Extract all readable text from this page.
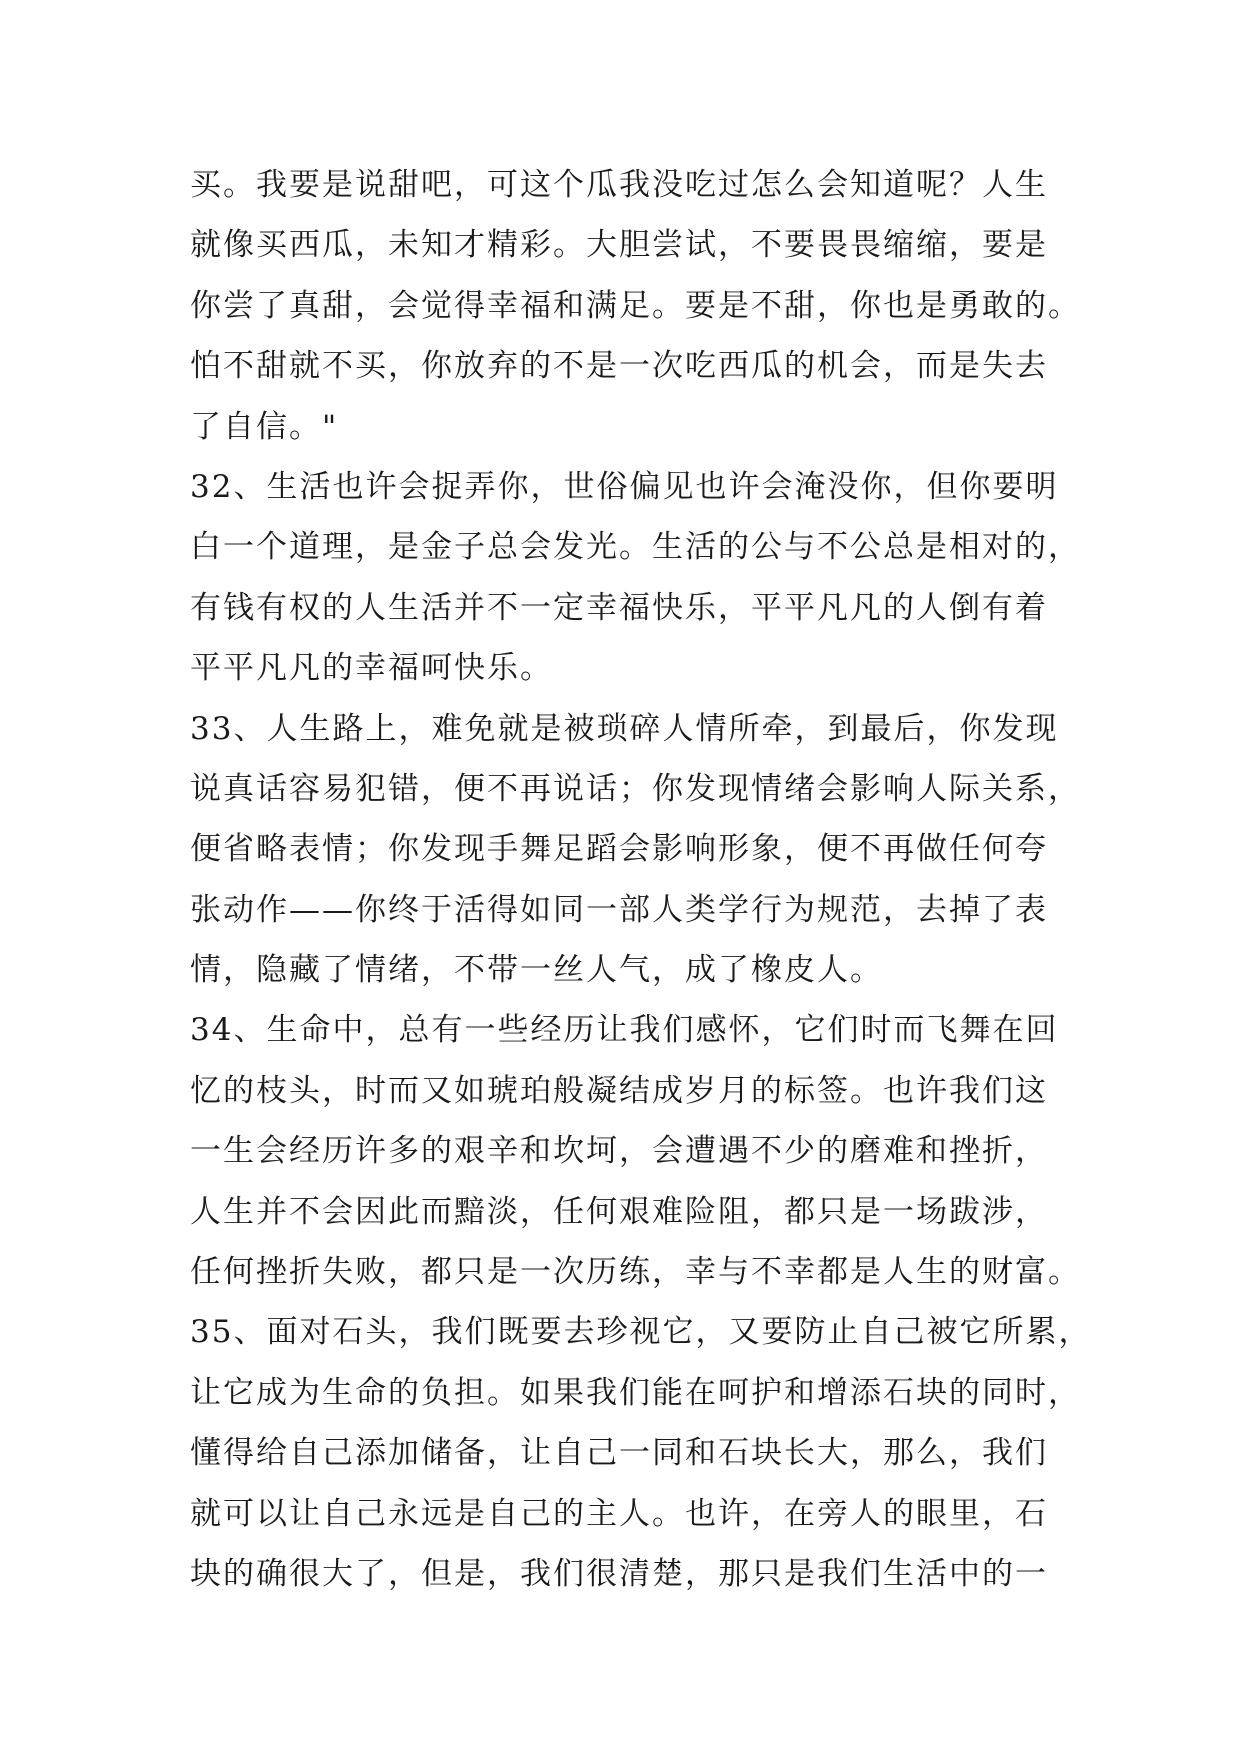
买。我要是说甜吧，可这个瓜我没吃过怎么会知道呢？人生
就像买西瓜，未知才精彩。大胆尝试，不要畏畏缩缩，要是
你尝了真甜，会觉得幸福和满足。要是不甜，你也是勇敢的。
怕不甜就不买，你放弃的不是一次吃西瓜的机会，而是失去
了自信。"
32、生活也许会捉弄你，世俗偏见也许会淹没你，但你要明
白一个道理，是金子总会发光。生活的公与不公总是相对的，
有钱有权的人生活并不一定幸福快乐，平平凡凡的人倒有着
平平凡凡的幸福呵快乐。
33、人生路上，难免就是被琐碎人情所牵，到最后，你发现
说真话容易犯错，便不再说话；你发现情绪会影响人际关系，
便省略表情；你发现手舞足蹈会影响形象，便不再做任何夸
张动作——你终于活得如同一部人类学行为规范，去掉了表
情，隐藏了情绪，不带一丝人气，成了橡皮人。
34、生命中，总有一些经历让我们感怀，它们时而飞舞在回
忆的枝头，时而又如琥珀般凝结成岁月的标签。也许我们这
一生会经历许多的艰辛和坎坷，会遭遇不少的磨难和挫折，
人生并不会因此而黯淡，任何艰难险阻，都只是一场跋涉，
任何挫折失败，都只是一次历练，幸与不幸都是人生的财富。
35、面对石头，我们既要去珍视它，又要防止自己被它所累，
让它成为生命的负担。如果我们能在呵护和增添石块的同时，
懂得给自己添加储备，让自己一同和石块长大，那么，我们
就可以让自己永远是自己的主人。也许，在旁人的眼里，石
块的确很大了，但是，我们很清楚，那只是我们生活中的一
